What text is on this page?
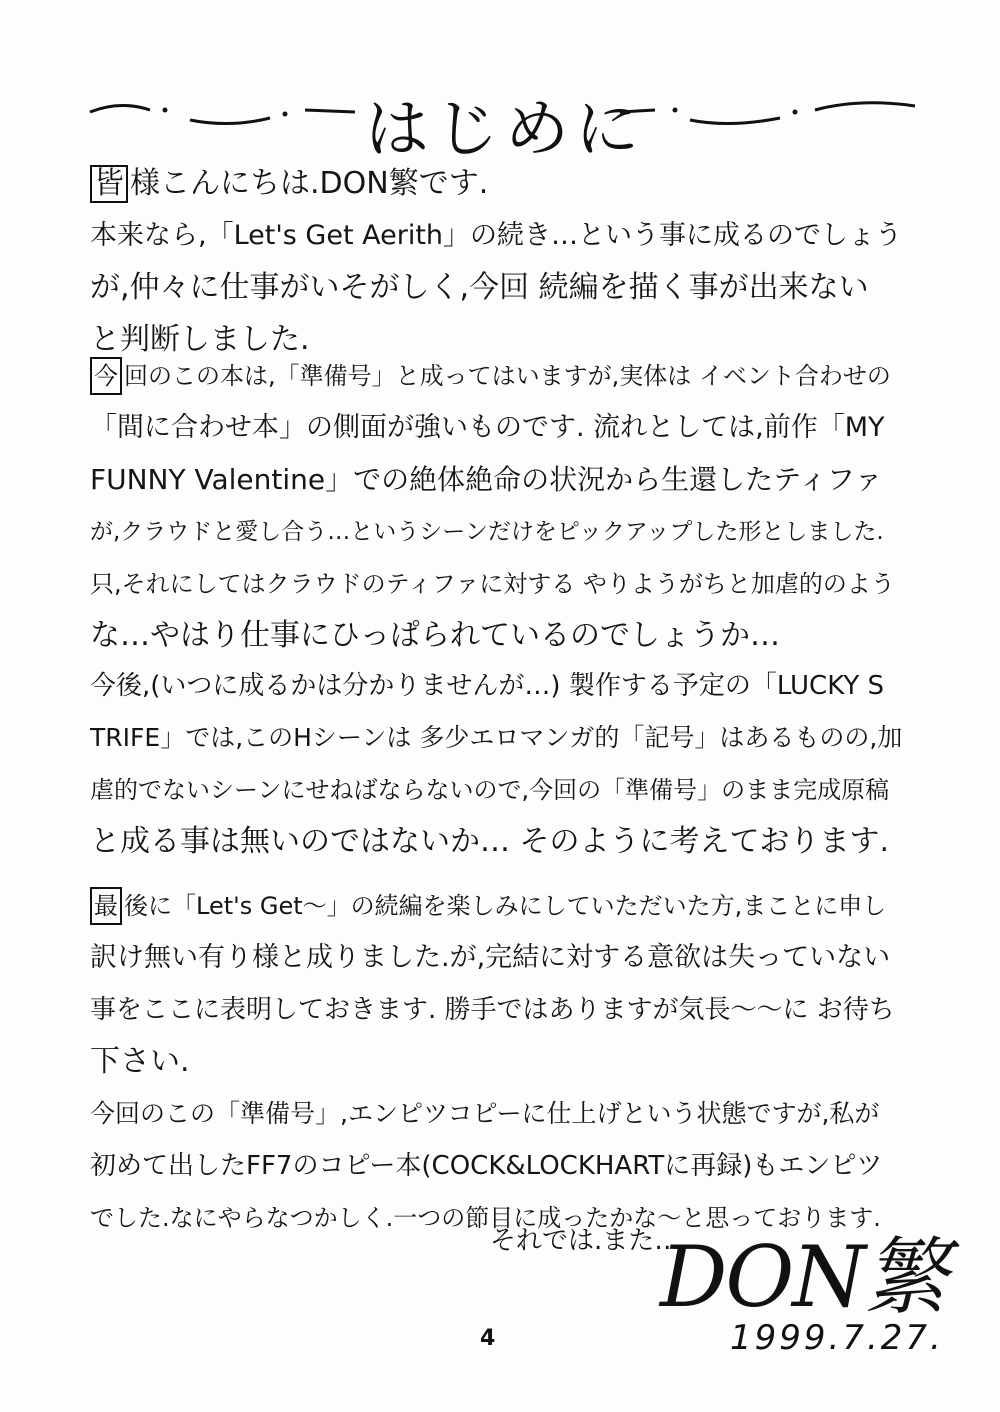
はじめに
皆 様こんにちは.DON繁です.
本来なら,「Let's Get Aerith」の続き…という事に成るのでしょう
が,仲々に仕事がいそがしく,今回 続編を描く事が出来ない
と判断しました.
今 回のこの本は,「準備号」と成ってはいますが,実体は イベント合わせの
「間に合わせ本」の側面が強いものです. 流れとしては,前作「MY
FUNNY Valentine」での絶体絶命の状況から生還したティファ
が,クラウドと愛し合う…というシーンだけをピックアップした形としました.
只,それにしてはクラウドのティファに対する やりようがちと加虐的のよう
な…やはり仕事にひっぱられているのでしょうか…
今後,(いつに成るかは分かりませんが…) 製作する予定の「LUCKY S
TRIFE」では,このHシーンは 多少エロマンガ的「記号」はあるものの,加
虐的でないシーンにせねばならないので,今回の「準備号」のまま完成原稿
と成る事は無いのではないか… そのように考えております.
最 後に「Let's Get〜」の続編を楽しみにしていただいた方,まことに申し
訳け無い有り様と成りました.が,完結に対する意欲は失っていない
事をここに表明しておきます. 勝手ではありますが気長〜〜に お待ち
下さい.
今回のこの「準備号」,エンピツコピーに仕上げという状態ですが,私が
初めて出したFF7のコピー本(COCK&LOCKHARTに再録)もエンピツ
でした.なにやらなつかしく.一つの節目に成ったかな〜と思っております.
それでは.また…
DON繁
1999.7.27.
4
